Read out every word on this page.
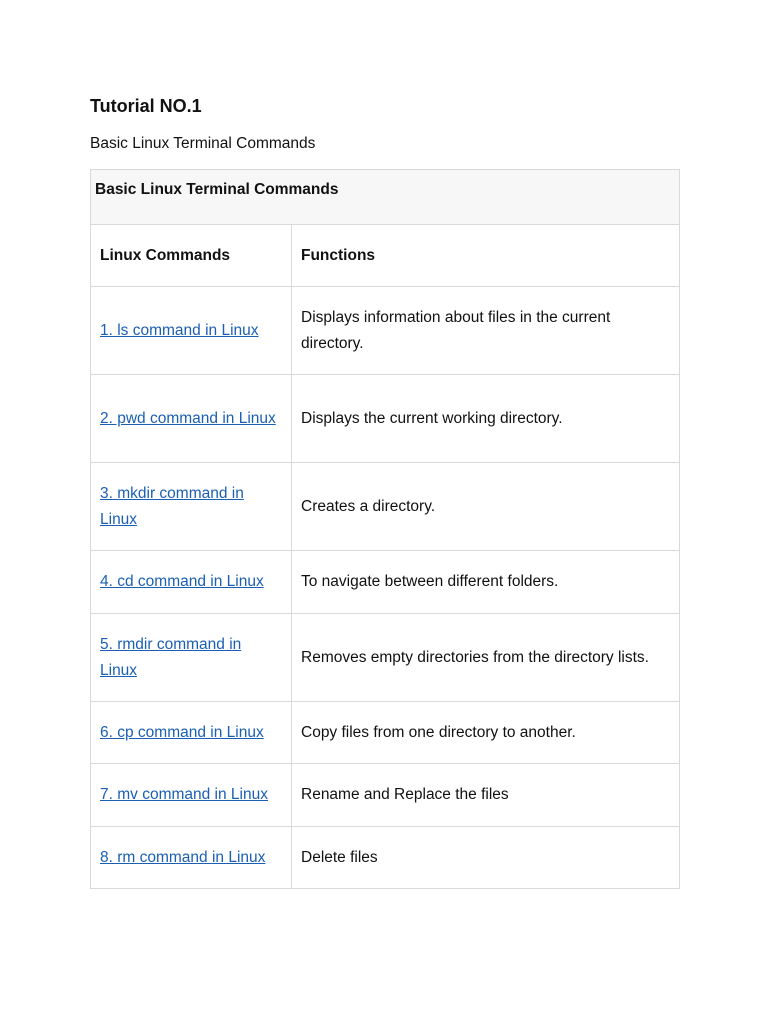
Tutorial NO.1
Basic Linux Terminal Commands
Basic Linux Terminal Commands	

Linux Commands	Functions
1. ls command in Linux	Displays information about files in the current directory.
2. pwd command in Linux	Displays the current working directory.
3. mkdir command in Linux	Creates a directory.
4. cd command in Linux	To navigate between different folders.
5. rmdir command in Linux	Removes empty directories from the directory lists.
6. cp command in Linux	Copy files from one directory to another.
7. mv command in Linux	Rename and Replace the files
8. rm command in Linux	Delete files
